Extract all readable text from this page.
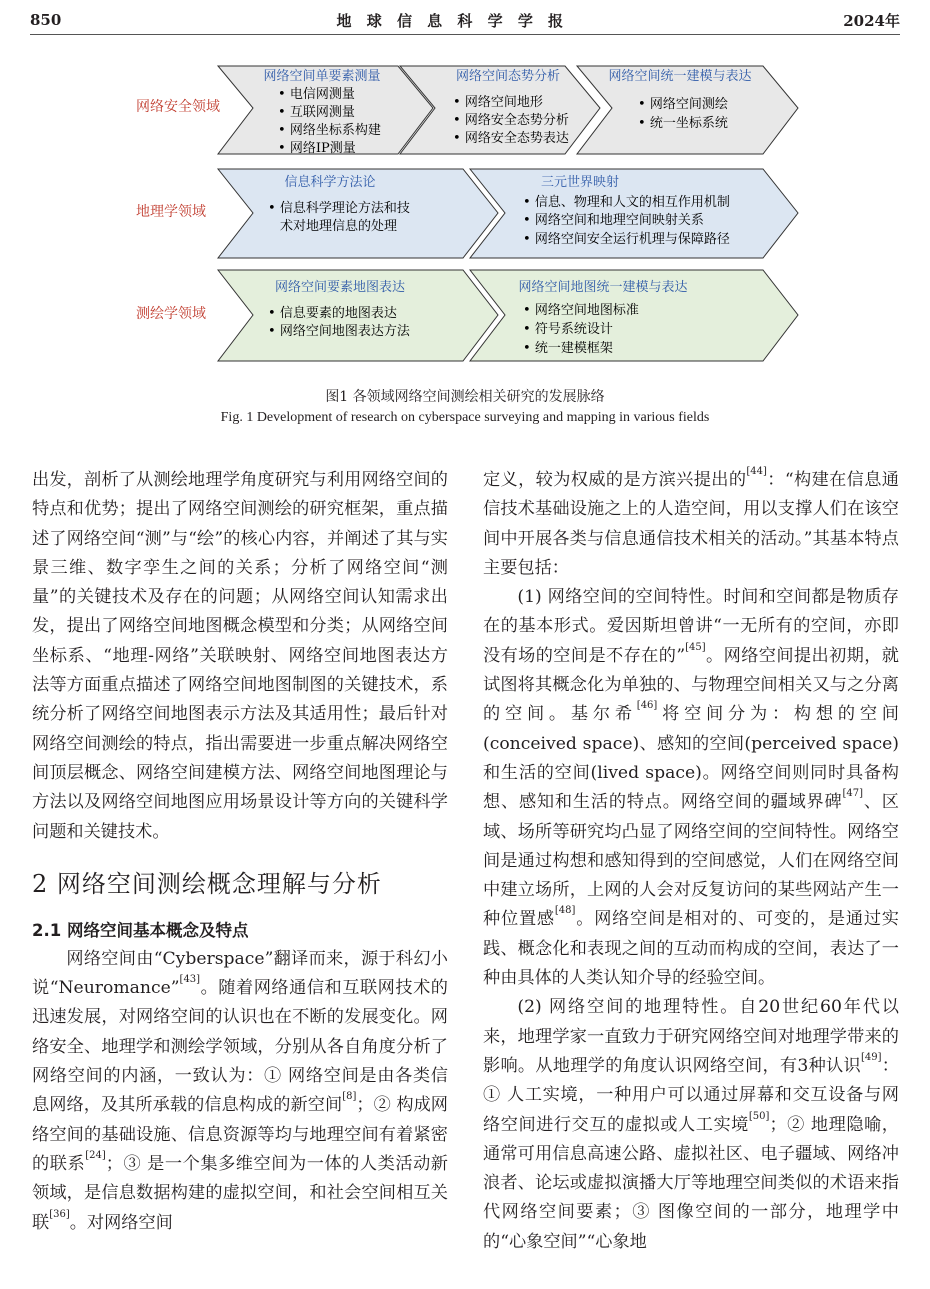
850	地 球 信 息 科 学 学 报	2024年
网络安全领域
网络空间单要素测量
• 电信网测量
• 互联网测量
• 网络坐标系构建
• 网络IP测量
网络空间态势分析
• 网络空间地形
• 网络安全态势分析
• 网络安全态势表达
网络空间统一建模与表达
• 网络空间测绘
• 统一坐标系统
地理学领域
信息科学方法论
• 信息科学理论方法和技
术对地理信息的处理
三元世界映射
• 信息、物理和人文的相互作用机制
• 网络空间和地理空间映射关系
• 网络空间安全运行机理与保障路径
测绘学领域
网络空间要素地图表达
• 信息要素的地图表达
• 网络空间地图表达方法
网络空间地图统一建模与表达
• 网络空间地图标准
• 符号系统设计
• 统一建模框架
图1 各领域网络空间测绘相关研究的发展脉络
Fig. 1 Development of research on cyberspace surveying and mapping in various fields

出发，剖析了从测绘地理学角度研究与利用网络空间的特点和优势；提出了网络空间测绘的研究框架，重点描述了网络空间“测”与“绘”的核心内容，并阐述了其与实景三维、数字孪生之间的关系；分析了网络空间“测量”的关键技术及存在的问题；从网络空间认知需求出发，提出了网络空间地图概念模型和分类；从网络空间坐标系、“地理-网络”关联映射、网络空间地图表达方法等方面重点描述了网络空间地图制图的关键技术，系统分析了网络空间地图表示方法及其适用性；最后针对网络空间测绘的特点，指出需要进一步重点解决网络空间顶层概念、网络空间建模方法、网络空间地图理论与方法以及网络空间地图应用场景设计等方向的关键科学问题和关键技术。

2 网络空间测绘概念理解与分析
2.1 网络空间基本概念及特点

网络空间由“Cyberspace”翻译而来，源于科幻小说“Neuromance”[43]。随着网络通信和互联网技术的迅速发展，对网络空间的认识也在不断的发展变化。网络安全、地理学和测绘学领域，分别从各自角度分析了网络空间的内涵，一致认为：① 网络空间是由各类信息网络，及其所承载的信息构成的新空间[8]；② 构成网络空间的基础设施、信息资源等均与地理空间有着紧密的联系[24]；③ 是一个集多维空间为一体的人类活动新领域，是信息数据构建的虚拟空间，和社会空间相互关联[36]。对网络空间

定义，较为权威的是方滨兴提出的[44]：“构建在信息通信技术基础设施之上的人造空间，用以支撑人们在该空间中开展各类与信息通信技术相关的活动。”其基本特点主要包括：

(1) 网络空间的空间特性。时间和空间都是物质存在的基本形式。爱因斯坦曾讲“一无所有的空间，亦即没有场的空间是不存在的”[45]。网络空间提出初期，就试图将其概念化为单独的、与物理空间相关又与之分离的空间。基尔希[46]将空间分为：构想的空间(conceived space)、感知的空间(perceived space)和生活的空间(lived space)。网络空间则同时具备构想、感知和生活的特点。网络空间的疆域界碑[47]、区域、场所等研究均凸显了网络空间的空间特性。网络空间是通过构想和感知得到的空间感觉，人们在网络空间中建立场所，上网的人会对反复访问的某些网站产生一种位置感[48]。网络空间是相对的、可变的，是通过实践、概念化和表现之间的互动而构成的空间，表达了一种由具体的人类认知介导的经验空间。

(2) 网络空间的地理特性。自20世纪60年代以来，地理学家一直致力于研究网络空间对地理学带来的影响。从地理学的角度认识网络空间，有3种认识[49]：① 人工实境，一种用户可以通过屏幕和交互设备与网络空间进行交互的虚拟或人工实境[50]；② 地理隐喻，通常可用信息高速公路、虚拟社区、电子疆域、网络冲浪者、论坛或虚拟演播大厅等地理空间类似的术语来指代网络空间要素；③ 图像空间的一部分，地理学中的“心象空间”“心象地
